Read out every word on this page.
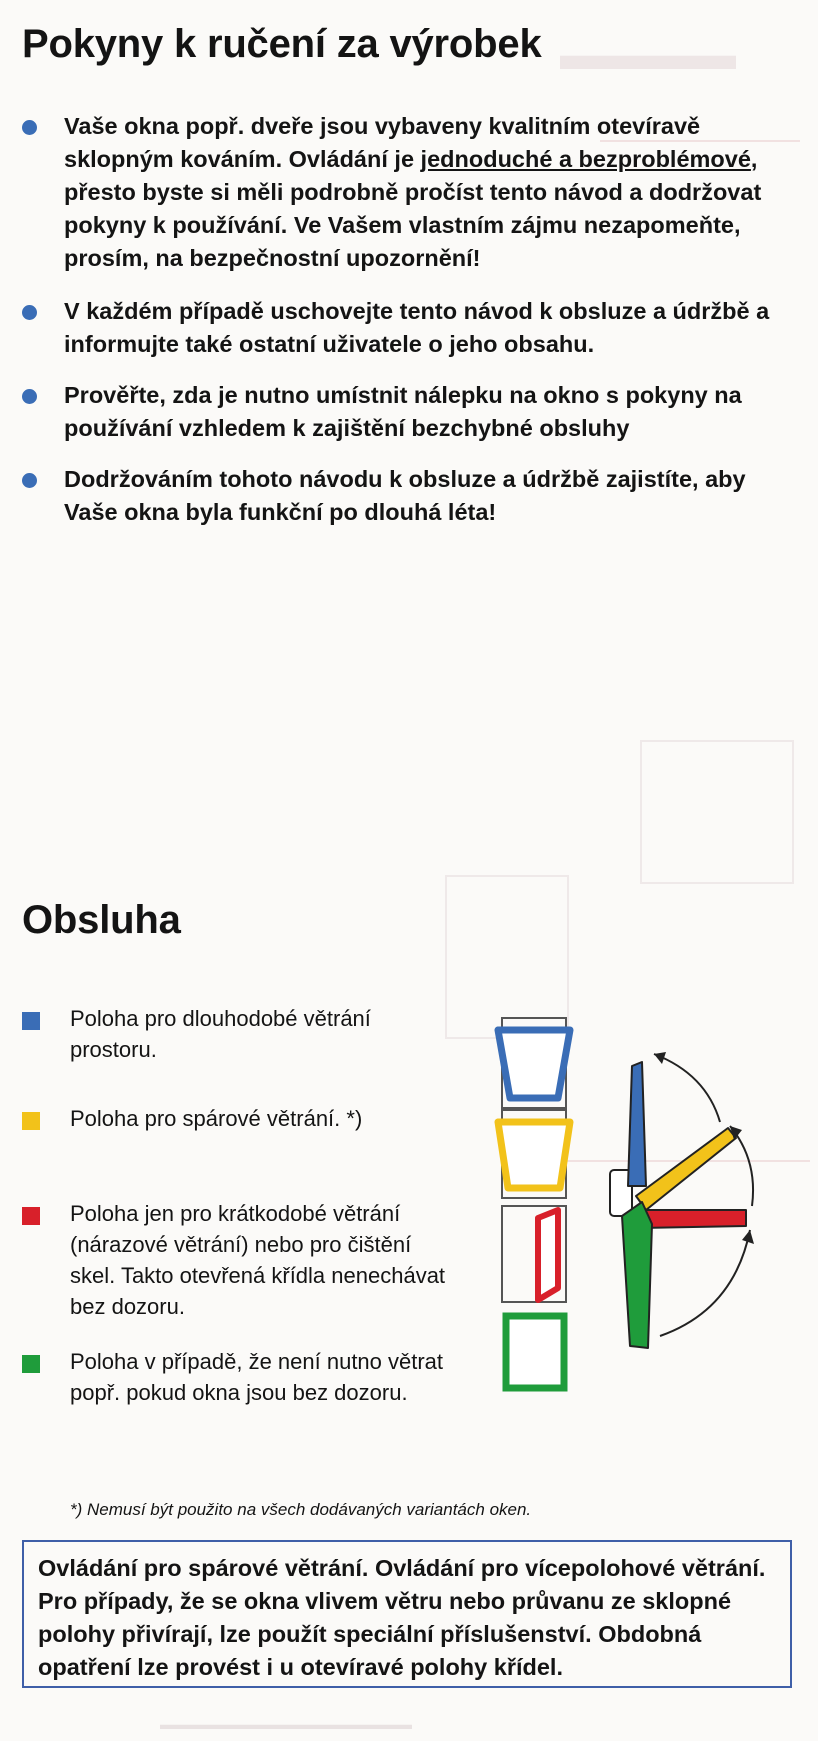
▬▬▬▬
Pokyny k ručení za výrobek
Vaše okna popř. dveře jsou vybaveny kvalitním otevíravě sklopným kováním. Ovládání je jednoduché a bezproblémové, přesto byste si měli podrobně pročíst tento návod a dodržovat pokyny k používání. Ve Vašem vlastním zájmu nezapomeňte, prosím, na bezpečnostní upozornění!
V každém případě uschovejte tento návod k obsluze a údržbě a informujte také ostatní uživatele o jeho obsahu.
Prověřte, zda je nutno umístnit nálepku na okno s pokyny na používání vzhledem k zajištění bezchybné obsluhy
Dodržováním tohoto návodu k obsluze a údržbě zajistíte, aby Vaše okna byla funkční po dlouhá léta!
Obsluha
Poloha pro dlouhodobé větrání prostoru.
Poloha pro spárové větrání. *)
Poloha jen pro krátkodobé větrání (nárazové větrání) nebo pro čištění skel. Takto otevřená křídla nenechávat bez dozoru.
Poloha v případě, že není nutno větrat popř. pokud okna jsou bez dozoru.
*) Nemusí být použito na všech dodávaných variantách oken.
Ovládání pro spárové větrání. Ovládání pro vícepolohové větrání. Pro případy, že se okna vlivem větru nebo průvanu ze sklopné polohy přivírají, lze použít speciální příslušenství. Obdobná opatření lze provést i u otevíravé polohy křídel.
▬▬▬▬▬▬▬▬▬▬▬▬▬▬▬▬▬▬
